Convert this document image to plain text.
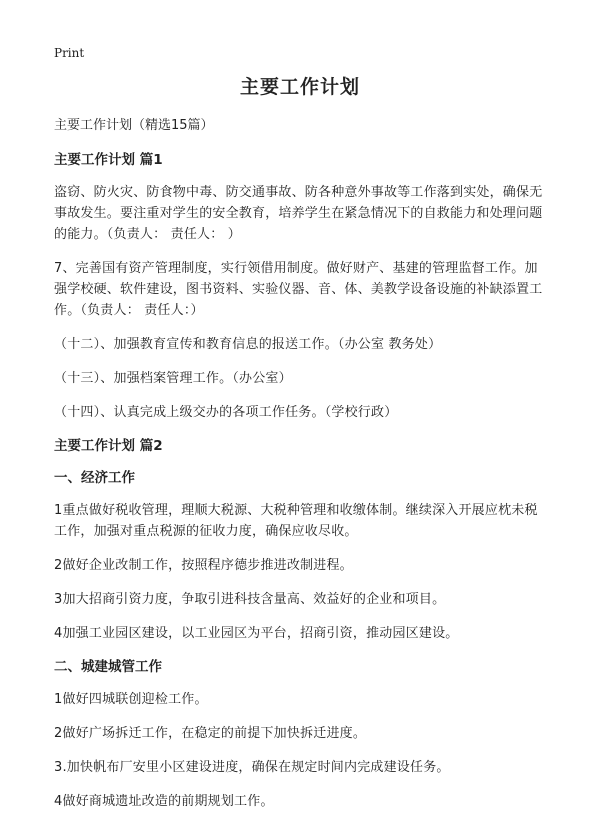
Print
主要工作计划

主要工作计划（精选15篇）

主要工作计划 篇1

盗窃、防火灾、防食物中毒、防交通事故、防各种意外事故等工作落到实处，确保无事故发生。要注重对学生的安全教育，培养学生在紧急情况下的自救能力和处理问题的能力。（负责人： 责任人： ）

7、完善国有资产管理制度，实行领借用制度。做好财产、基建的管理监督工作。加强学校硬、软件建设，图书资料、实验仪器、音、体、美教学设备设施的补缺添置工作。（负责人： 责任人：）

（十二）、加强教育宣传和教育信息的报送工作。（办公室 教务处）

（十三）、加强档案管理工作。（办公室）

（十四）、认真完成上级交办的各项工作任务。（学校行政）

主要工作计划 篇2

一、经济工作

1重点做好税收管理，理顺大税源、大税种管理和收缴体制。继续深入开展应枕未税工作，加强对重点税源的征收力度，确保应收尽收。

2做好企业改制工作，按照程序德步推进改制进程。

3加大招商引资力度，争取引进科技含量高、效益好的企业和项目。

4加强工业园区建设，以工业园区为平台，招商引资，推动园区建设。

二、城建城管工作

1做好四城联创迎检工作。

2做好广场拆迁工作，在稳定的前提下加快拆迁进度。

3.加快帆布厂安里小区建设进度，确保在规定时间内完成建设任务。

4做好商城遗址改造的前期规划工作。
